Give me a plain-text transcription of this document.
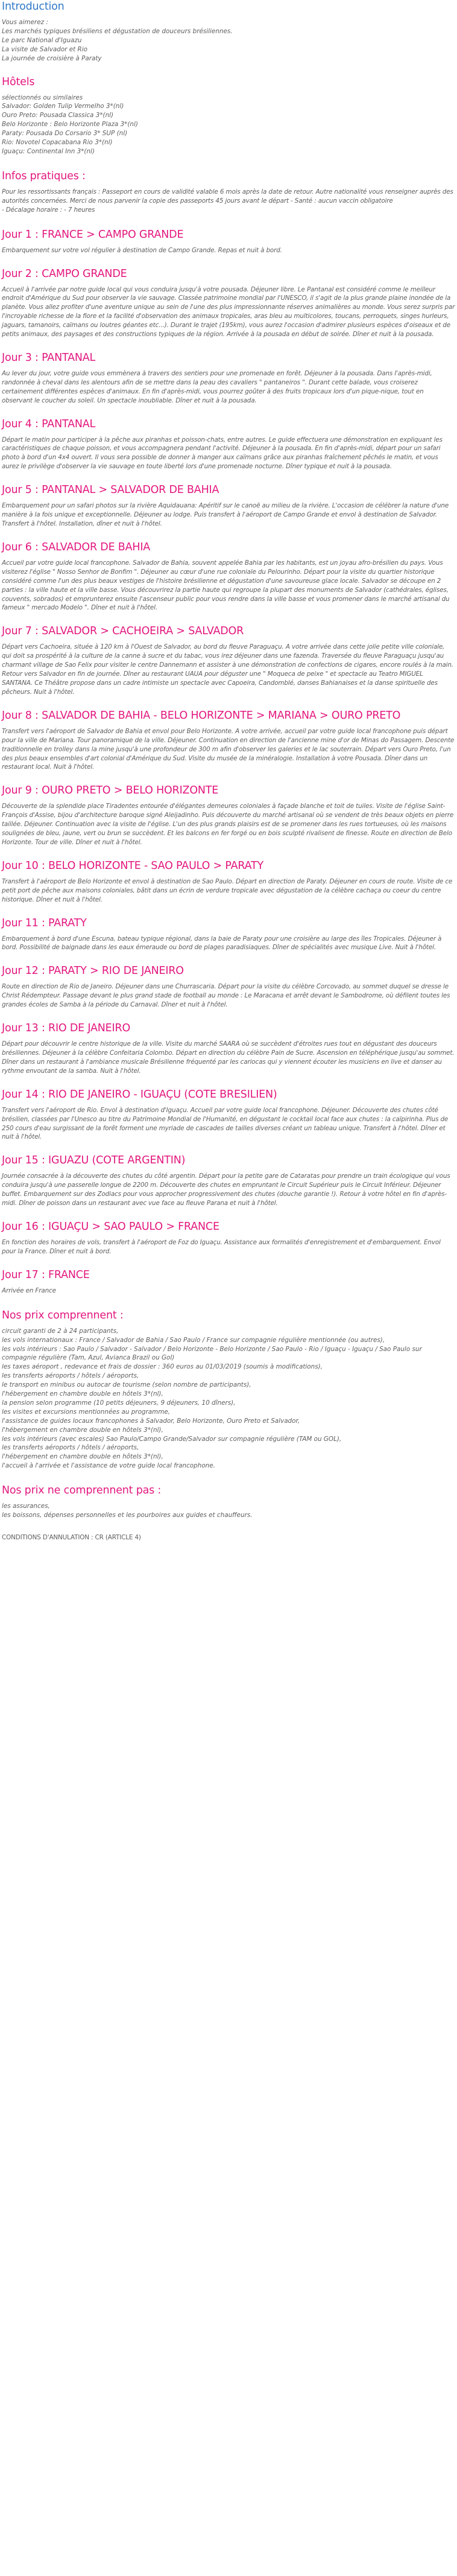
Introduction
Vous aimerez :
Les marchés typiques brésiliens et dégustation de douceurs brésiliennes.
Le parc National d'Iguazu
La visite de Salvador et Rio
La journée de croisière à Paraty
Hôtels
sélectionnés ou similaires
Salvador: Golden Tulip Vermelho 3*(nl)
Ouro Preto: Pousada Classica 3*(nl)
Belo Horizonte : Belo Horizonte Plaza 3*(nl)
Paraty: Pousada Do Corsario 3* SUP (nl)
Rio: Novotel Copacabana Rio 3*(nl)
Iguaçu: Continental Inn 3*(nl)
Infos pratiques :

Pour les ressortissants français : Passeport en cours de validité valable 6 mois après la date de retour. Autre nationalité vous renseigner auprès des autorités concernées. Merci de nous parvenir la copie des passeports 45 jours avant le départ - Santé : aucun vaccin obligatoire

- Décalage horaire : - 7 heures

Jour 1 : FRANCE > CAMPO GRANDE

Embarquement sur votre vol régulier à destination de Campo Grande. Repas et nuit à bord.

Jour 2 : CAMPO GRANDE

Accueil à l'arrivée par notre guide local qui vous conduira jusqu'à votre pousada. Déjeuner libre. Le Pantanal est considéré comme le meilleur endroit d'Amérique du Sud pour observer la vie sauvage. Classée patrimoine mondial par l'UNESCO, il s'agit de la plus grande plaine inondée de la planète. Vous allez profiter d'une aventure unique au sein de l'une des plus impressionnante réserves animalières au monde. Vous serez surpris par l'incroyable richesse de la flore et la facilité d'observation des animaux tropicales, aras bleu au multicolores, toucans, perroquets, singes hurleurs, jaguars, tamanoirs, caïmans ou loutres géantes etc...). Durant le trajet (195km), vous aurez l'occasion d'admirer plusieurs espèces d'oiseaux et de petits animaux, des paysages et des constructions typiques de la région. Arrivée à la pousada en début de soirée. Dîner et nuit à la pousada.

Jour 3 : PANTANAL

Au lever du jour, votre guide vous emmènera à travers des sentiers pour une promenade en forêt. Déjeuner à la pousada. Dans l'après-midi, randonnée à cheval dans les alentours afin de se mettre dans la peau des cavaliers " pantaneiros ". Durant cette balade, vous croiserez certainement différentes espèces d'animaux. En fin d'après-midi, vous pourrez goûter à des fruits tropicaux lors d'un pique-nique, tout en observant le coucher du soleil. Un spectacle inoubliable. Dîner et nuit à la pousada.

Jour 4 : PANTANAL

Départ le matin pour participer à la pêche aux piranhas et poisson-chats, entre autres. Le guide effectuera une démonstration en expliquant les caractéristiques de chaque poisson, et vous accompagnera pendant l'activité. Déjeuner à la pousada. En fin d'après-midi, départ pour un safari photo à bord d'un 4x4 ouvert. Il vous sera possible de donner à manger aux caïmans grâce aux piranhas fraîchement pêchés le matin, et vous aurez le privilège d'observer la vie sauvage en toute liberté lors d'une promenade nocturne. Dîner typique et nuit à la pousada.

Jour 5 : PANTANAL > SALVADOR DE BAHIA

Embarquement pour un safari photos sur la rivière Aquidauana: Apéritif sur le canoë au milieu de la rivière. L'occasion de célébrer la nature d'une manière à la fois unique et exceptionnelle. Déjeuner au lodge. Puis transfert à l'aéroport de Campo Grande et envol à destination de Salvador. Transfert à l'hôtel. Installation, dîner et nuit à l'hôtel.

Jour 6 : SALVADOR DE BAHIA

Accueil par votre guide local francophone. Salvador de Bahia, souvent appelée Bahia par les habitants, est un joyau afro-brésilien du pays. Vous visiterez l'église " Nosso Senhor de Bonfim ". Déjeuner au cœur d'une rue coloniale du Pelourinho. Départ pour la visite du quartier historique considéré comme l'un des plus beaux vestiges de l'histoire brésilienne et dégustation d'une savoureuse glace locale. Salvador se découpe en 2 parties : la ville haute et la ville basse. Vous découvrirez la partie haute qui regroupe la plupart des monuments de Salvador (cathédrales, églises, couvents, sobrados) et emprunterez ensuite l'ascenseur public pour vous rendre dans la ville basse et vous promener dans le marché artisanal du fameux " mercado Modelo ". Dîner et nuit à l'hôtel.

Jour 7 : SALVADOR > CACHOEIRA > SALVADOR

Départ vers Cachoeira, située à 120 km à l'Ouest de Salvador, au bord du fleuve Paraguaçu. A votre arrivée dans cette jolie petite ville coloniale, qui doit sa prospérité à la culture de la canne à sucre et du tabac, vous irez déjeuner dans une fazenda. Traversée du fleuve Paraguaçu jusqu'au charmant village de Sao Felix pour visiter le centre Dannemann et assister à une démonstration de confections de cigares, encore roulés à la main. Retour vers Salvador en fin de journée. Dîner au restaurant UAUA pour déguster une " Moqueca de peixe " et spectacle au Teatro MIGUEL SANTANA. Ce Théâtre propose dans un cadre intimiste un spectacle avec Capoeira, Candomblé, danses Bahianaises et la danse spirituelle des pêcheurs. Nuit à l'hôtel.

Jour 8 : SALVADOR DE BAHIA - BELO HORIZONTE > MARIANA > OURO PRETO

Transfert vers l'aéroport de Salvador de Bahia et envol pour Belo Horizonte. A votre arrivée, accueil par votre guide local francophone puis départ pour la ville de Mariana. Tour panoramique de la ville. Déjeuner. Continuation en direction de l'ancienne mine d'or de Minas do Passagem. Descente traditionnelle en trolley dans la mine jusqu'à une profondeur de 300 m afin d'observer les galeries et le lac souterrain. Départ vers Ouro Preto, l'un des plus beaux ensembles d'art colonial d'Amérique du Sud. Visite du musée de la minéralogie. Installation à votre Pousada. Dîner dans un restaurant local. Nuit à l'hôtel.

Jour 9 : OURO PRETO > BELO HORIZONTE

Découverte de la splendide place Tiradentes entourée d'élégantes demeures coloniales à façade blanche et toit de tuiles. Visite de l'église Saint-François d'Assise, bijou d'architecture baroque signé Aleijadinho. Puis découverte du marché artisanal où se vendent de très beaux objets en pierre taillée. Déjeuner. Continuation avec la visite de l'église. L'un des plus grands plaisirs est de se promener dans les rues tortueuses, où les maisons soulignées de bleu, jaune, vert ou brun se succèdent. Et les balcons en fer forgé ou en bois sculpté rivalisent de finesse. Route en direction de Belo Horizonte. Tour de ville. Dîner et nuit à l'hôtel.

Jour 10 : BELO HORIZONTE - SAO PAULO > PARATY

Transfert à l'aéroport de Belo Horizonte et envol à destination de Sao Paulo. Départ en direction de Paraty. Déjeuner en cours de route. Visite de ce petit port de pêche aux maisons coloniales, bâtit dans un écrin de verdure tropicale avec dégustation de la célèbre cachaça ou coeur du centre historique. Dîner et nuit à l'hôtel.

Jour 11 : PARATY

Embarquement à bord d'une Escuna, bateau typique régional, dans la baie de Paraty pour une croisière au large des îles Tropicales. Déjeuner à bord. Possibilité de baignade dans les eaux émeraude ou bord de plages paradisiaques. Dîner de spécialités avec musique Live. Nuit à l'hôtel.

Jour 12 : PARATY > RIO DE JANEIRO

Route en direction de Rio de Janeiro. Déjeuner dans une Churrascaria. Départ pour la visite du célèbre Corcovado, au sommet duquel se dresse le Christ Rédempteur. Passage devant le plus grand stade de football au monde : Le Maracana et arrêt devant le Sambodrome, où défilent toutes les grandes écoles de Samba à la période du Carnaval. Dîner et nuit à l'hôtel.

Jour 13 : RIO DE JANEIRO

Départ pour découvrir le centre historique de la ville. Visite du marché SAARA où se succèdent d'étroites rues tout en dégustant des douceurs brésiliennes. Déjeuner à la célèbre Confeitaria Colombo. Départ en direction du célèbre Pain de Sucre. Ascension en téléphérique jusqu'au sommet. Dîner dans un restaurant à l'ambiance musicale Brésilienne fréquenté par les cariocas qui y viennent écouter les musiciens en live et danser au rythme envoutant de la samba. Nuit à l'hôtel.

Jour 14 : RIO DE JANEIRO - IGUAÇU (COTE BRESILIEN)

Transfert vers l'aéroport de Rio. Envol à destination d'Iguaçu. Accueil par votre guide local francophone. Déjeuner. Découverte des chutes côté brésilien, classées par l'Unesco au titre du Patrimoine Mondial de l'Humanité, en dégustant le cocktail local face aux chutes : la caïpirinha. Plus de 250 cours d'eau surgissant de la forêt forment une myriade de cascades de tailles diverses créant un tableau unique. Transfert à l'hôtel. Dîner et nuit à l'hôtel.

Jour 15 : IGUAZU (COTE ARGENTIN)

Journée consacrée à la découverte des chutes du côté argentin. Départ pour la petite gare de Cataratas pour prendre un train écologique qui vous conduira jusqu'à une passerelle longue de 2200 m. Découverte des chutes en empruntant le Circuit Supérieur puis le Circuit Inférieur. Déjeuner buffet. Embarquement sur des Zodiacs pour vous approcher progressivement des chutes (douche garantie !). Retour à votre hôtel en fin d'après-midi. Dîner de poisson dans un restaurant avec vue face au fleuve Parana et nuit à l'hôtel.

Jour 16 : IGUAÇU > SAO PAULO > FRANCE

En fonction des horaires de vols, transfert à l'aéroport de Foz do Iguaçu. Assistance aux formalités d'enregistrement et d'embarquement. Envol pour la France. Dîner et nuit à bord.

Jour 17 : FRANCE

Arrivée en France

Nos prix comprennent :
circuit garanti de 2 à 24 participants,
les vols internationaux : France / Salvador de Bahia / Sao Paulo / France sur compagnie régulière mentionnée (ou autres),
les vols intérieurs : Sao Paulo / Salvador - Salvador / Belo Horizonte - Belo Horizonte / Sao Paulo - Rio / Iguaçu - Iguaçu / Sao Paulo sur compagnie régulière (Tam, Azul, Avianca Brazil ou Gol)
les taxes aéroport , redevance et frais de dossier : 360 euros au 01/03/2019 (soumis à modifications),
les transferts aéroports / hôtels / aéroports,
le transport en minibus ou autocar de tourisme (selon nombre de participants),
l'hébergement en chambre double en hôtels 3*(nl),
la pension selon programme (10 petits déjeuners, 9 déjeuners, 10 dîners),
les visites et excursions mentionnées au programme,
l'assistance de guides locaux francophones à Salvador, Belo Horizonte, Ouro Preto et Salvador,
l'hébergement en chambre double en hôtels 3*(nl),
les vols intérieurs (avec escales) Sao Paulo/Campo Grande/Salvador sur compagnie régulière (TAM ou GOL),
les transferts aéroports / hôtels / aéroports,
l'hébergement en chambre double en hôtels 3*(nl),
l'accueil à l'arrivée et l'assistance de votre guide local francophone.
Nos prix ne comprennent pas :
les assurances,
les boissons, dépenses personnelles et les pourboires aux guides et chauffeurs.

CONDITIONS D'ANNULATION : CR (ARTICLE 4)
